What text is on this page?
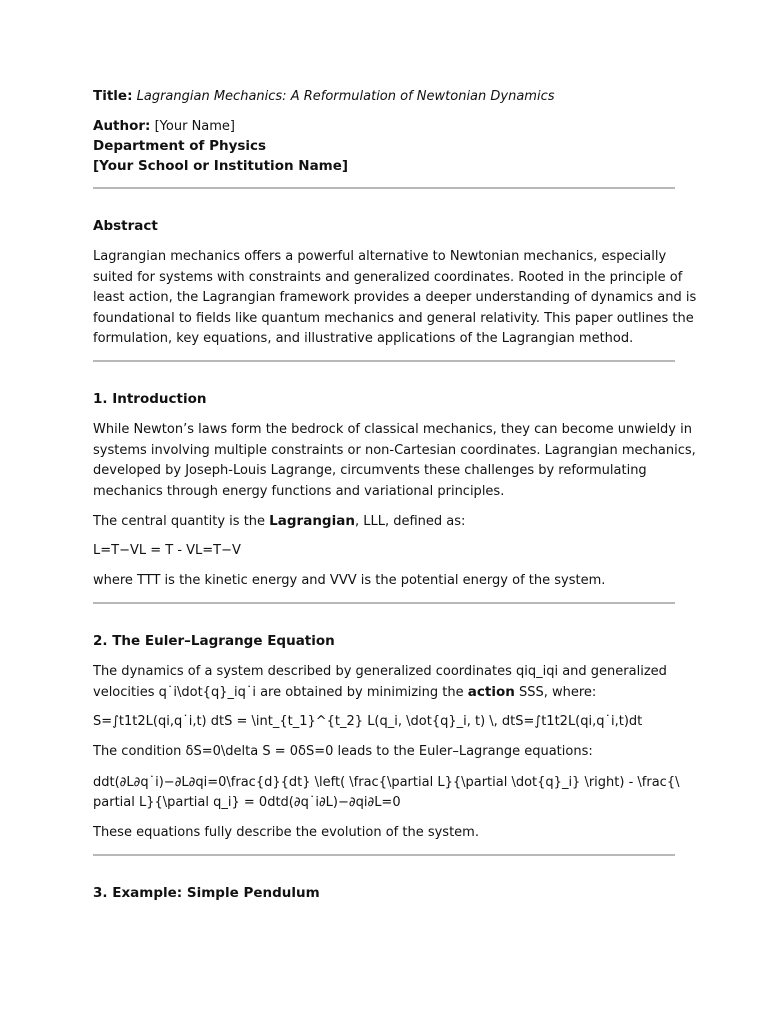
Title: Lagrangian Mechanics: A Reformulation of Newtonian Dynamics

Author: [Your Name]

Department of Physics

[Your School or Institution Name]

Abstract

Lagrangian mechanics offers a powerful alternative to Newtonian mechanics, especially

suited for systems with constraints and generalized coordinates. Rooted in the principle of

least action, the Lagrangian framework provides a deeper understanding of dynamics and is

foundational to fields like quantum mechanics and general relativity. This paper outlines the

formulation, key equations, and illustrative applications of the Lagrangian method.

1. Introduction

While Newton’s laws form the bedrock of classical mechanics, they can become unwieldy in

systems involving multiple constraints or non-Cartesian coordinates. Lagrangian mechanics,

developed by Joseph-Louis Lagrange, circumvents these challenges by reformulating

mechanics through energy functions and variational principles.

The central quantity is the Lagrangian, LLL, defined as:

L=T−VL = T - VL=T−V

where TTT is the kinetic energy and VVV is the potential energy of the system.

2. The Euler–Lagrange Equation

The dynamics of a system described by generalized coordinates qiq_iqi and generalized

velocities q˙i\dot{q}_iq˙i are obtained by minimizing the action SSS, where:

S=∫t1t2L(qi,q˙i,t) dtS = \int_{t_1}^{t_2} L(q_i, \dot{q}_i, t) \, dtS=∫t1t2L(qi,q˙i,t)dt

The condition δS=0\delta S = 0δS=0 leads to the Euler–Lagrange equations:

ddt(∂L∂q˙i)−∂L∂qi=0\frac{d}{dt} \left( \frac{\partial L}{\partial \dot{q}_i} \right) - \frac{\

partial L}{\partial q_i} = 0dtd(∂q˙i∂L)−∂qi∂L=0

These equations fully describe the evolution of the system.

3. Example: Simple Pendulum
